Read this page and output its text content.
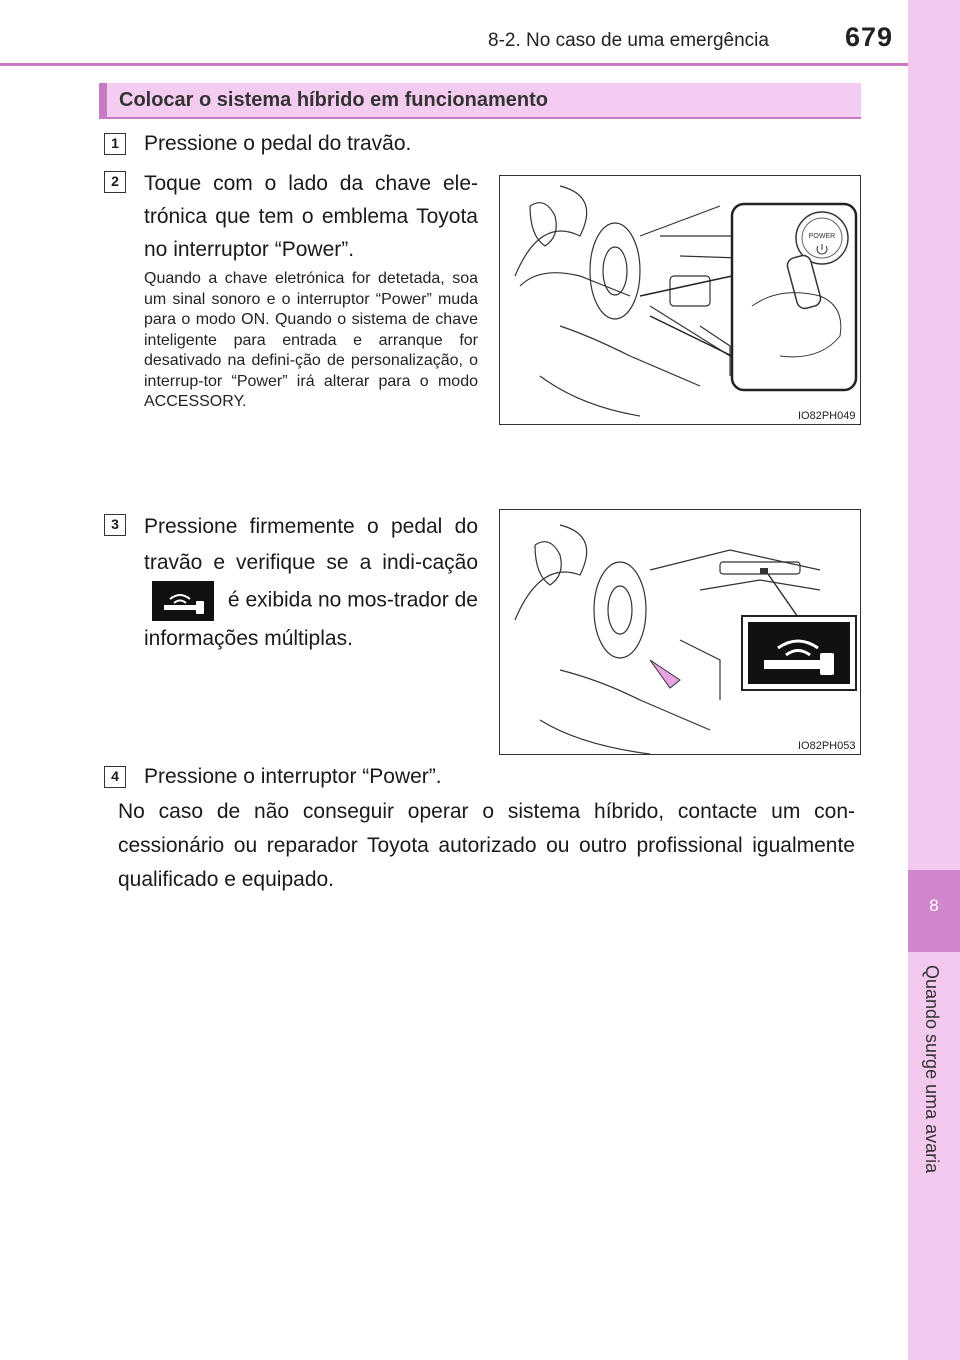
8-2. No caso de uma emergência	679
8
Quando surge uma avaria
Colocar o sistema híbrido em funcionamento
1	Pressione o pedal do travão.
2	Toque com o lado da chave ele-trónica que tem o emblema Toyota no interruptor “Power”.
Quando a chave eletrónica for detetada, soa um sinal sonoro e o interruptor “Power” muda para o modo ON. Quando o sistema de chave inteligente para entrada e arranque for desativado na defini-ção de personalização, o interrup-tor “Power” irá alterar para o modo ACCESSORY.
POWER
IO82PH049
3	Pressione firmemente o pedal do travão e verifique se a indi-cação  é exibida no mos-trador de informações múltiplas.
IO82PH053
4	Pressione o interruptor “Power”.
No caso de não conseguir operar o sistema híbrido, contacte um con-cessionário ou reparador Toyota autorizado ou outro profissional igualmente qualificado e equipado.
